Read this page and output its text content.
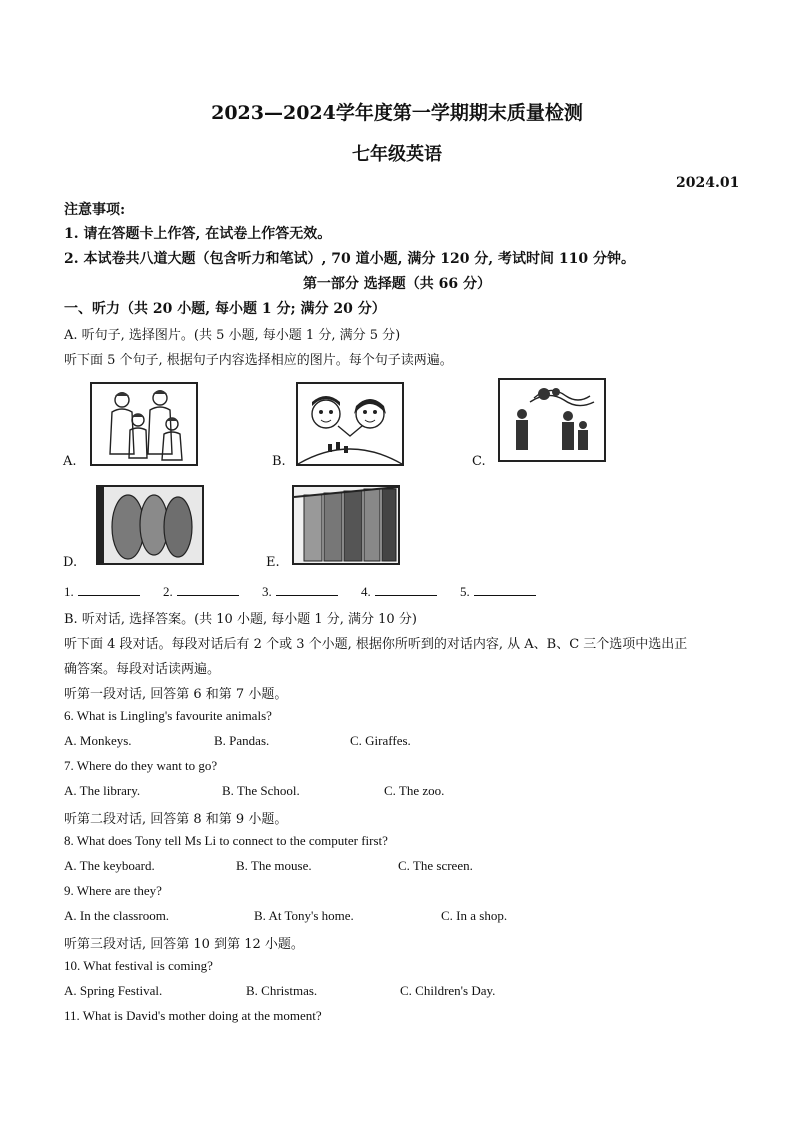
2023—2024学年度第一学期期末质量检测
七年级英语
2024.01
注意事项:
1. 请在答题卡上作答, 在试卷上作答无效。
2. 本试卷共八道大题（包含听力和笔试）, 70 道小题, 满分 120 分, 考试时间 110 分钟。
第一部分 选择题（共 66 分）
一、听力（共 20 小题, 每小题 1 分; 满分 20 分）
A. 听句子, 选择图片。(共 5 小题, 每小题 1 分, 满分 5 分)
听下面 5 个句子, 根据句子内容选择相应的图片。每个句子读两遍。
A.	B.	C.
D.	E.
1.	2.	3.	4.	5.
B. 听对话, 选择答案。(共 10 小题, 每小题 1 分, 满分 10 分)
听下面 4 段对话。每段对话后有 2 个或 3 个小题, 根据你所听到的对话内容, 从 A、B、C 三个选项中选出正
确答案。每段对话读两遍。
听第一段对话, 回答第 6 和第 7 小题。
6. What is Lingling's favourite animals?
A. Monkeys.	B. Pandas.	C. Giraffes.
7. Where do they want to go?
A. The library.	B. The School.	C. The zoo.
听第二段对话, 回答第 8 和第 9 小题。
8. What does Tony tell Ms Li to connect to the computer first?
A. The keyboard.	B. The mouse.	C. The screen.
9. Where are they?
A. In the classroom.	B. At Tony's home.	C. In a shop.
听第三段对话, 回答第 10 到第 12 小题。
10. What festival is coming?
A. Spring Festival.	B. Christmas.	C. Children's Day.
11. What is David's mother doing at the moment?
